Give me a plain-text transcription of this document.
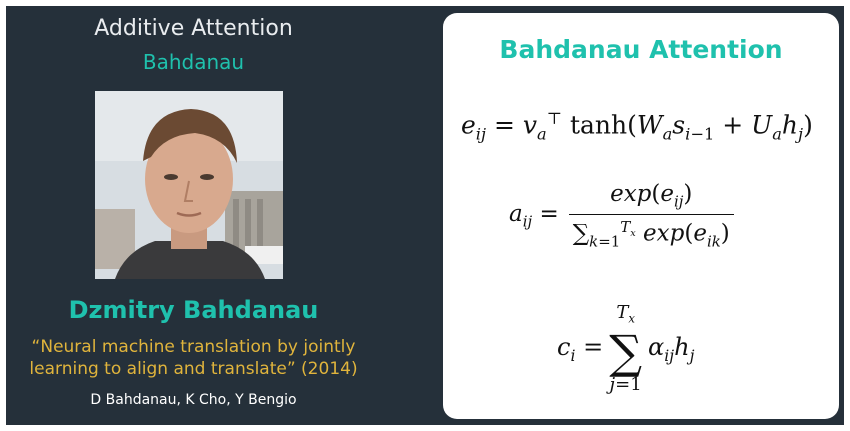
Additive Attention
Bahdanau
Dzmitry Bahdanau
“Neural machine translation by jointly
learning to align and translate” (2014)
D Bahdanau, K Cho, Y Bengio
Bahdanau Attention
$e_{ij} = v_a^⊤$ $\tanh(W_as_{i-1} + U_ah_j)$
$a_{ij} = \frac{\exp(e_{ij})}{\sum_{k=1}^{T_x} \exp(e_{ik})}$
$c_i$ =
$T_x$
∑
j=1
$\alpha_{ij}h_j$
